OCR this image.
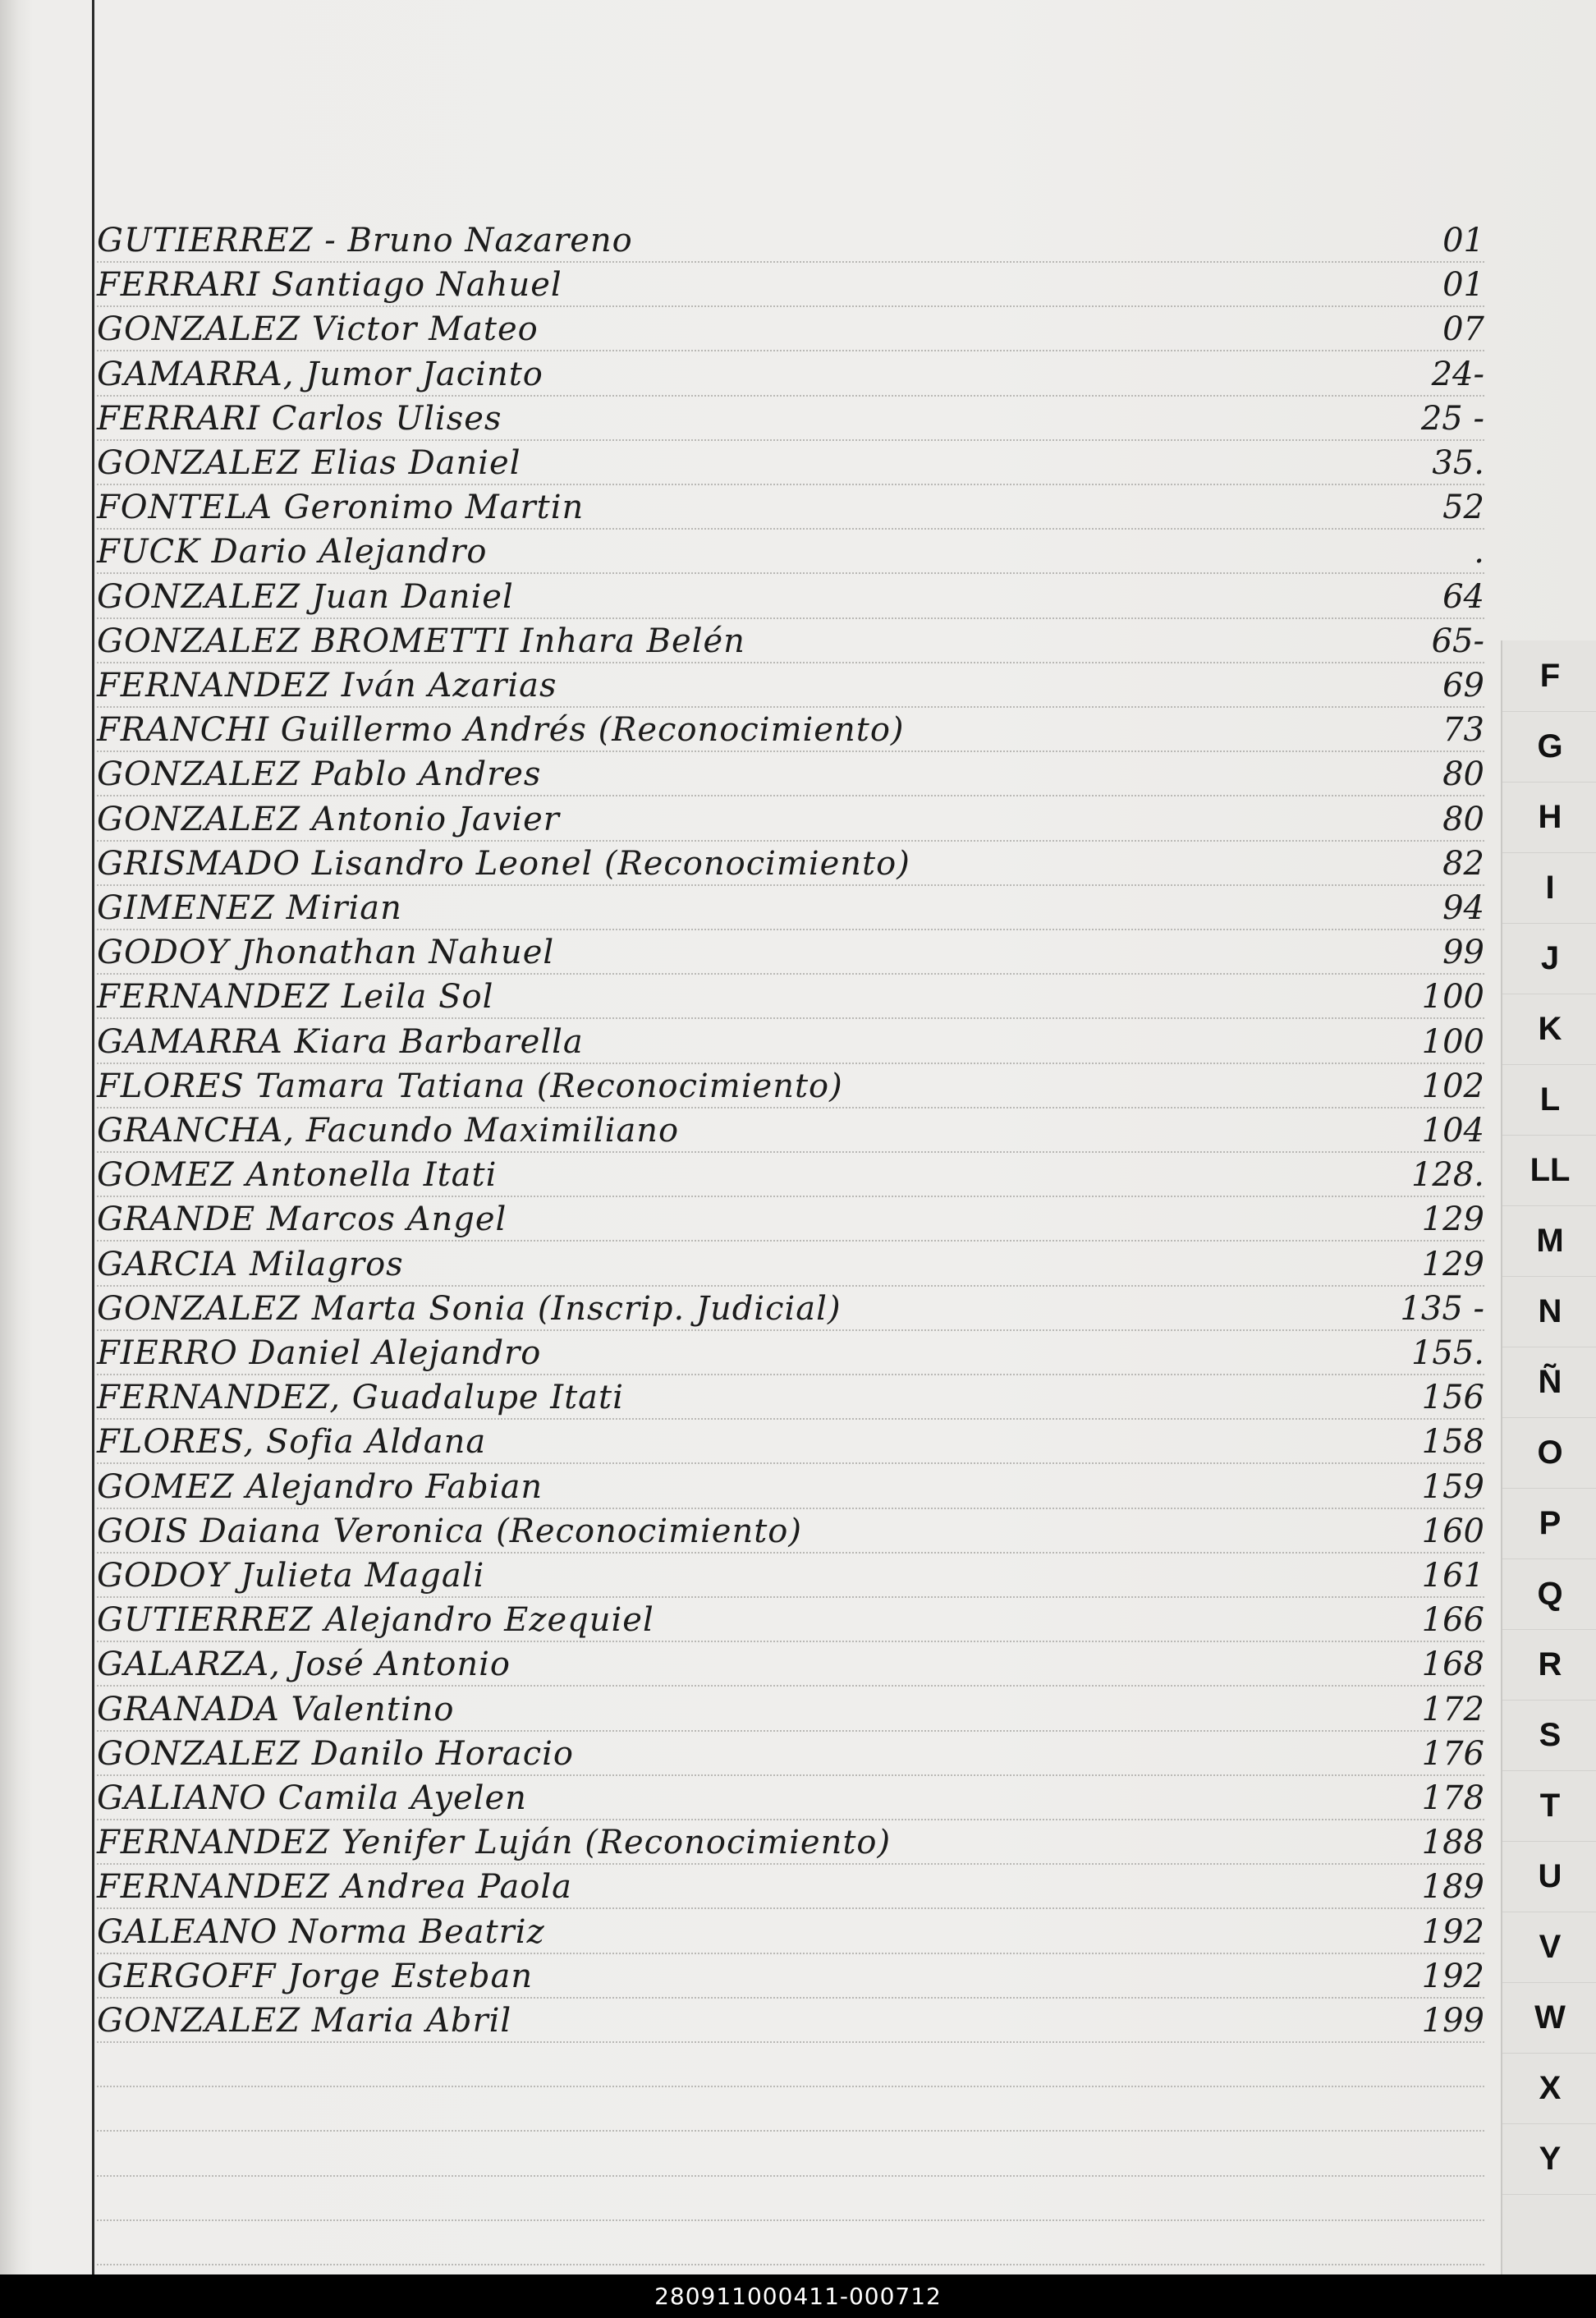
GUTIERREZ - Bruno Nazareno	01
FERRARI Santiago Nahuel	01
GONZALEZ Victor Mateo	07
GAMARRA, Jumor Jacinto	24-
FERRARI Carlos Ulises	25 -
GONZALEZ Elias Daniel	35.
FONTELA Geronimo Martin	52
FUCK Dario Alejandro	.
GONZALEZ Juan Daniel	64
GONZALEZ BROMETTI Inhara Belén	65-
FERNANDEZ Iván Azarias	69
FRANCHI Guillermo Andrés (Reconocimiento)	73
GONZALEZ Pablo Andres	80
GONZALEZ Antonio Javier	80
GRISMADO Lisandro Leonel (Reconocimiento)	82
GIMENEZ Mirian	94
GODOY Jhonathan Nahuel	99
FERNANDEZ Leila Sol	100
GAMARRA Kiara Barbarella	100
FLORES Tamara Tatiana (Reconocimiento)	102
GRANCHA, Facundo Maximiliano	104
GOMEZ Antonella Itati	128.
GRANDE Marcos Angel	129
GARCIA Milagros	129
GONZALEZ Marta Sonia (Inscrip. Judicial)	135 -
FIERRO Daniel Alejandro	155.
FERNANDEZ, Guadalupe Itati	156
FLORES, Sofia Aldana	158
GOMEZ Alejandro Fabian	159
GOIS Daiana Veronica (Reconocimiento)	160
GODOY Julieta Magali	161
GUTIERREZ Alejandro Ezequiel	166
GALARZA, José Antonio	168
GRANADA Valentino	172
GONZALEZ Danilo Horacio	176
GALIANO Camila Ayelen	178
FERNANDEZ Yenifer Luján (Reconocimiento)	188
FERNANDEZ Andrea Paola	189
GALEANO Norma Beatriz	192
GERGOFF Jorge Esteban	192
GONZALEZ Maria Abril	199
F
G
H
I
J
K
L
LL
M
N
Ñ
O
P
Q
R
S
T
U
V
W
X
Y
280911000411-000712
